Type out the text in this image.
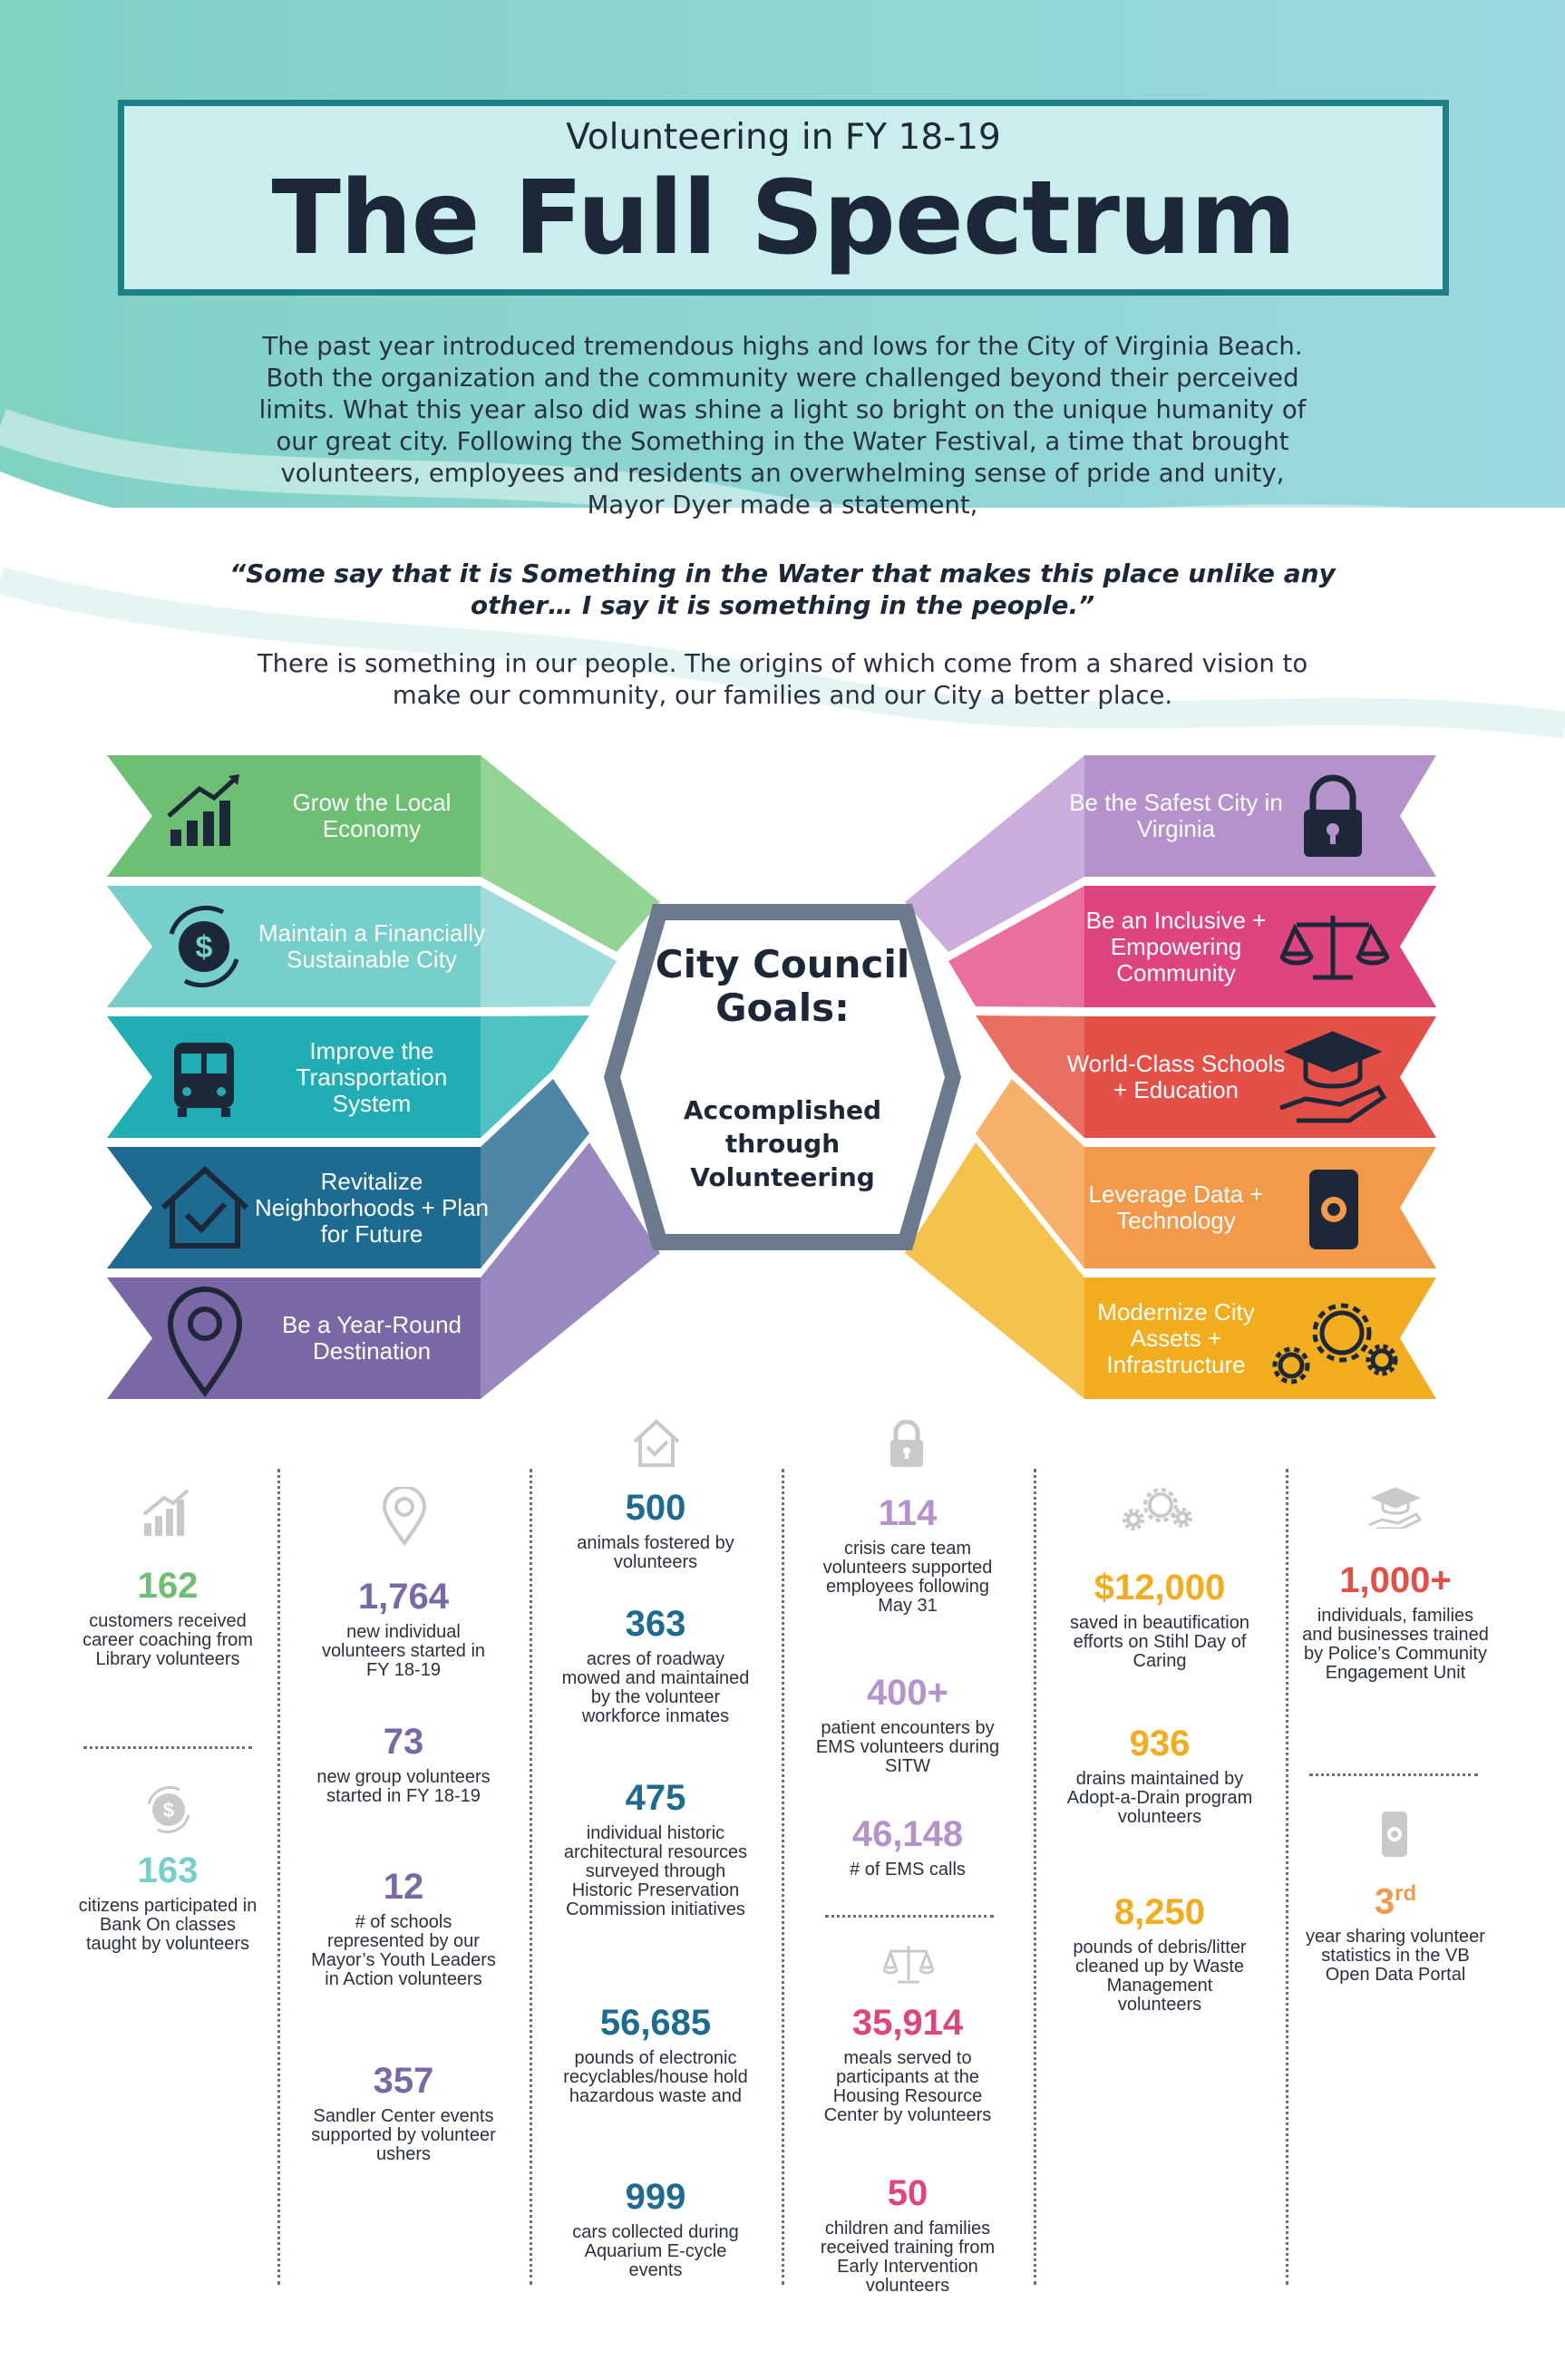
Volunteering in FY 18-19
The Full Spectrum

The past year introduced tremendous highs and lows for the City of Virginia Beach. Both the organization and the community were challenged beyond their perceived limits. What this year also did was shine a light so bright on the unique humanity of our great city. Following the Something in the Water Festival, a time that brought volunteers, employees and residents an overwhelming sense of pride and unity, Mayor Dyer made a statement,

“Some say that it is Something in the Water that makes this place unlike any other… I say it is something in the people.”

There is something in our people. The origins of which come from a shared vision to make our community, our families and our City a better place.

$
Grow the Local Economy
Maintain a Financially Sustainable City
Improve the Transportation System
Revitalize Neighborhoods + Plan for Future
Be a Year-Round Destination
Be the Safest City in Virginia
Be an Inclusive + Empowering Community
World-Class Schools + Education
Leverage Data + Technology
Modernize City Assets + Infrastructure
City Council Goals:
Accomplished through Volunteering
$
162
customers received career coaching from Library volunteers
163
citizens participated in Bank On classes taught by volunteers
1,764
new individual volunteers started in FY 18-19
73
new group volunteers started in FY 18-19
12
# of schools represented by our Mayor’s Youth Leaders in Action volunteers
357
Sandler Center events supported by volunteer ushers
500
animals fostered by volunteers
363
acres of roadway mowed and maintained by the volunteer workforce inmates
475
individual historic architectural resources surveyed through Historic Preservation Commission initiatives
56,685
pounds of electronic recyclables/house hold hazardous waste and
999
cars collected during Aquarium E-cycle events
114
crisis care team volunteers supported employees following May 31
400+
patient encounters by EMS volunteers during SITW
46,148
# of EMS calls
35,914
meals served to participants at the Housing Resource Center by volunteers
50
children and families received training from Early Intervention volunteers
$12,000
saved in beautification efforts on Stihl Day of Caring
936
drains maintained by Adopt-a-Drain program volunteers
8,250
pounds of debris/litter cleaned up by Waste Management volunteers
1,000+
individuals, families and businesses trained by Police’s Community Engagement Unit
3rd
year sharing volunteer statistics in the VB Open Data Portal
